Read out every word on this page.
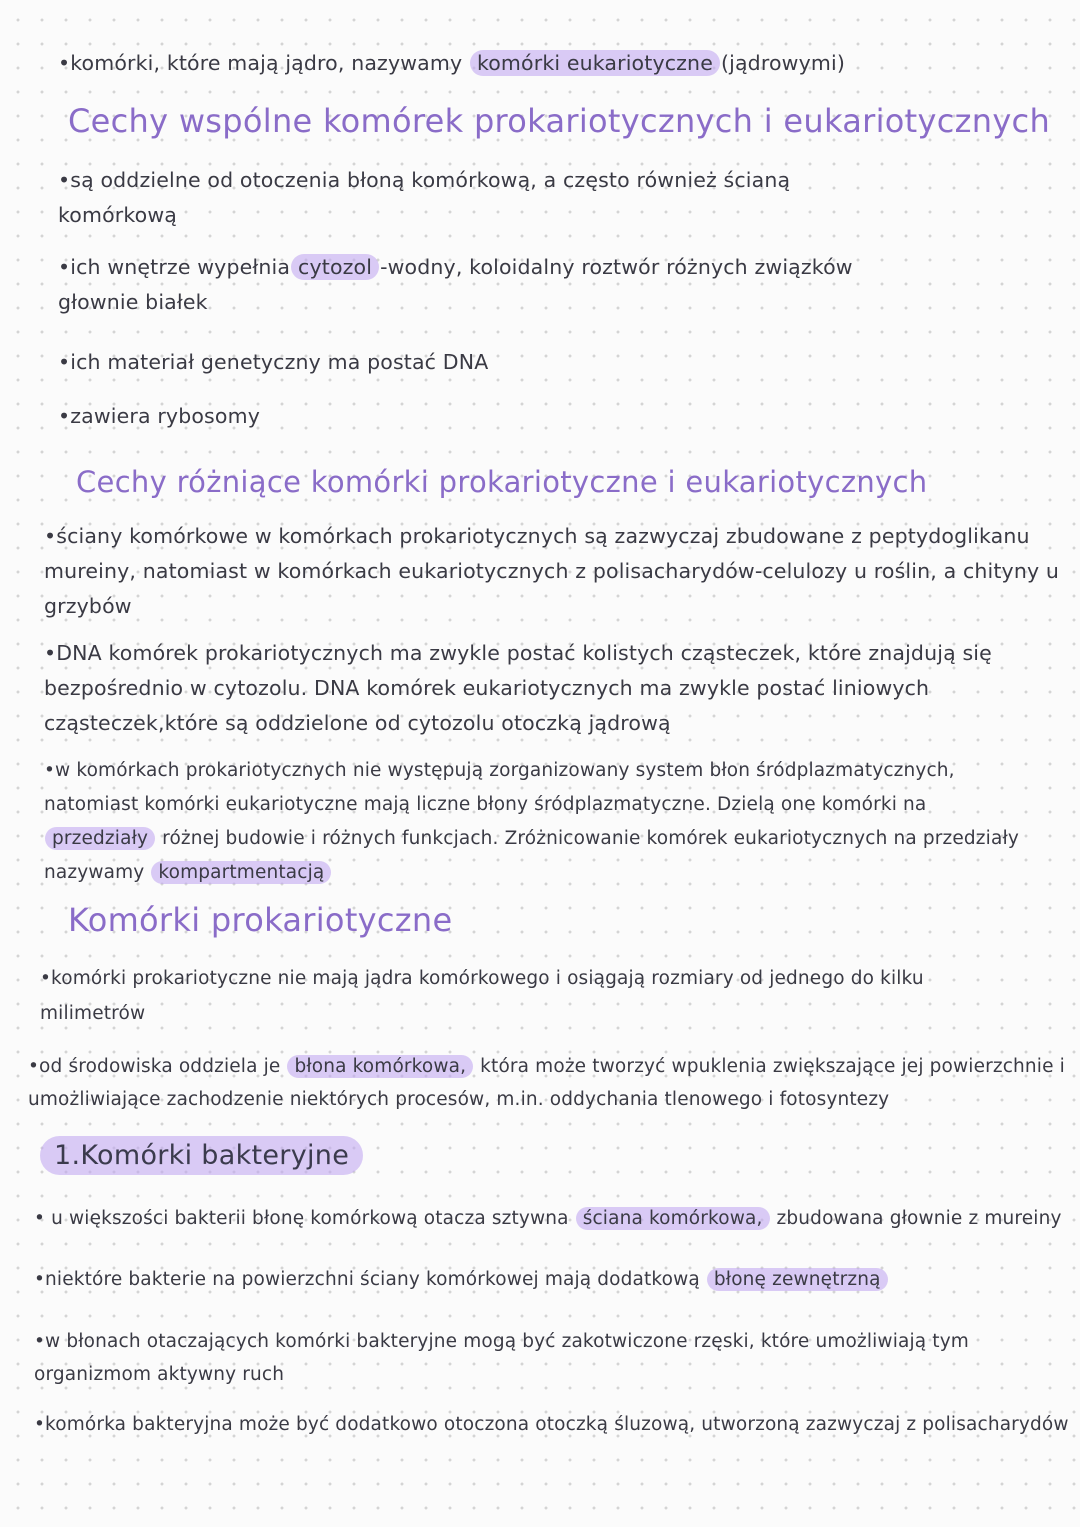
•komórki, które mają jądro, nazywamy komórki eukariotyczne (jądrowymi)

Cechy wspólne komórek prokariotycznych i eukariotycznych

•są oddzielne od otoczenia błoną komórkową, a często również ścianą komórkową

•ich wnętrze wypełnia cytozol -wodny, koloidalny roztwór różnych związków głownie białek

•ich materiał genetyczny ma postać DNA

•zawiera rybosomy

Cechy różniące komórki prokariotyczne i eukariotycznych

•ściany komórkowe w komórkach prokariotycznych są zazwyczaj zbudowane z peptydoglikanu mureiny, natomiast w komórkach eukariotycznych z polisacharydów-celulozy u roślin, a chityny u grzybów

•DNA komórek prokariotycznych ma zwykle postać kolistych cząsteczek, które znajdują się bezpośrednio w cytozolu. DNA komórek eukariotycznych ma zwykle postać liniowych cząsteczek,które są oddzielone od cytozolu otoczką jądrową

•w komórkach prokariotycznych nie występują zorganizowany system błon śródplazmatycznych, natomiast komórki eukariotyczne mają liczne błony śródplazmatyczne. Dzielą one komórki na przedziały różnej budowie i różnych funkcjach. Zróżnicowanie komórek eukariotycznych na przedziały nazywamy kompartmentacją

Komórki prokariotyczne

•komórki prokariotyczne nie mają jądra komórkowego i osiągają rozmiary od jednego do kilku milimetrów

•od środowiska oddziela je błona komórkowa, która może tworzyć wpuklenia zwiększające jej powierzchnie i umożliwiające zachodzenie niektórych procesów, m.in. oddychania tlenowego i fotosyntezy

1.Komórki bakteryjne

• u większości bakterii błonę komórkową otacza sztywna ściana komórkowa, zbudowana głownie z mureiny

•niektóre bakterie na powierzchni ściany komórkowej mają dodatkową błonę zewnętrzną

•w błonach otaczających komórki bakteryjne mogą być zakotwiczone rzęski, które umożliwiają tym organizmom aktywny ruch

•komórka bakteryjna może być dodatkowo otoczona otoczką śluzową, utworzoną zazwyczaj z polisacharydów
